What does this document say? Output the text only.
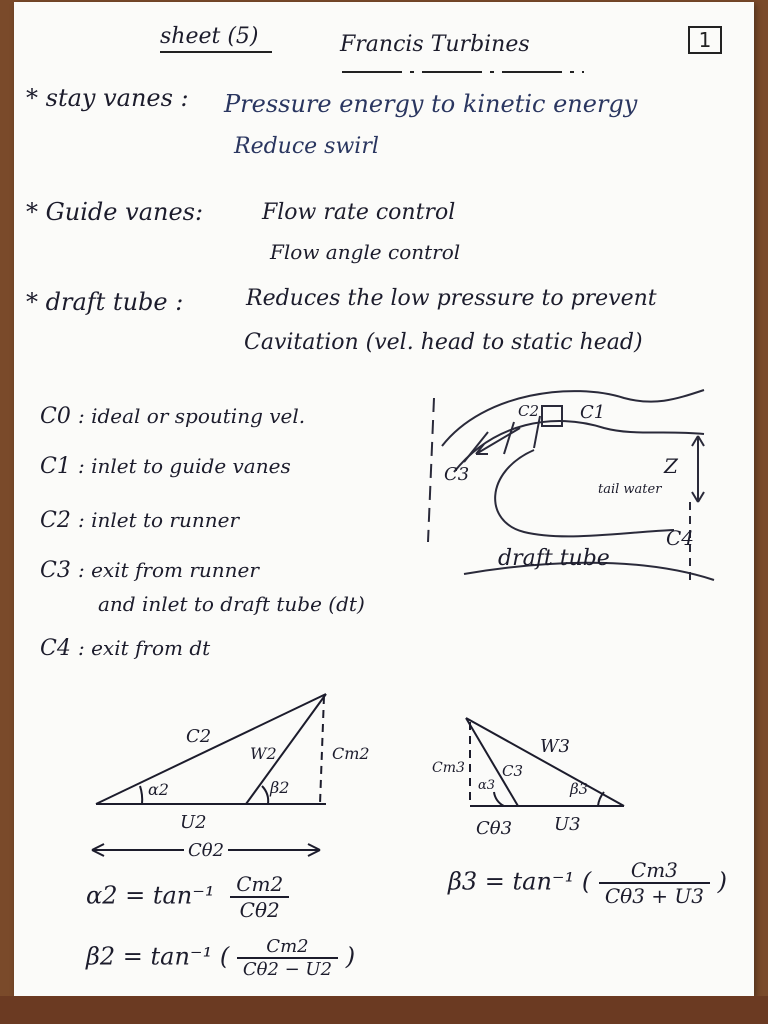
sheet (5)	Francis Turbines	1
* stay vanes : Pressure energy to kinetic energy
Reduce swirl
* Guide vanes:	Flow rate control
Flow angle control
* draft tube :	Reduces the low pressure to prevent
Cavitation (vel. head to static head)
C0 : ideal or spouting vel.
C1 : inlet to guide vanes
C2 : inlet to runner
C3 : exit from runner
and inlet to draft tube (dt)
C4 : exit from dt
C2 C1
C3	Z
tail water
C4
draft tube
C2
W2	Cm2
α2	β2
U2
Cθ2
W3
Cm3 C3
α3	β3
Cθ3 U3
$\alpha 2 = \tan^{-1} \frac{Cm2}{C\theta 2}$
β2 = tan⁻¹ ( $\frac{Cm2}{C\theta 2 - U2}$ )
β3 = tan⁻¹ ( $\frac{Cm3}{C\theta 3 + U3}$ )
